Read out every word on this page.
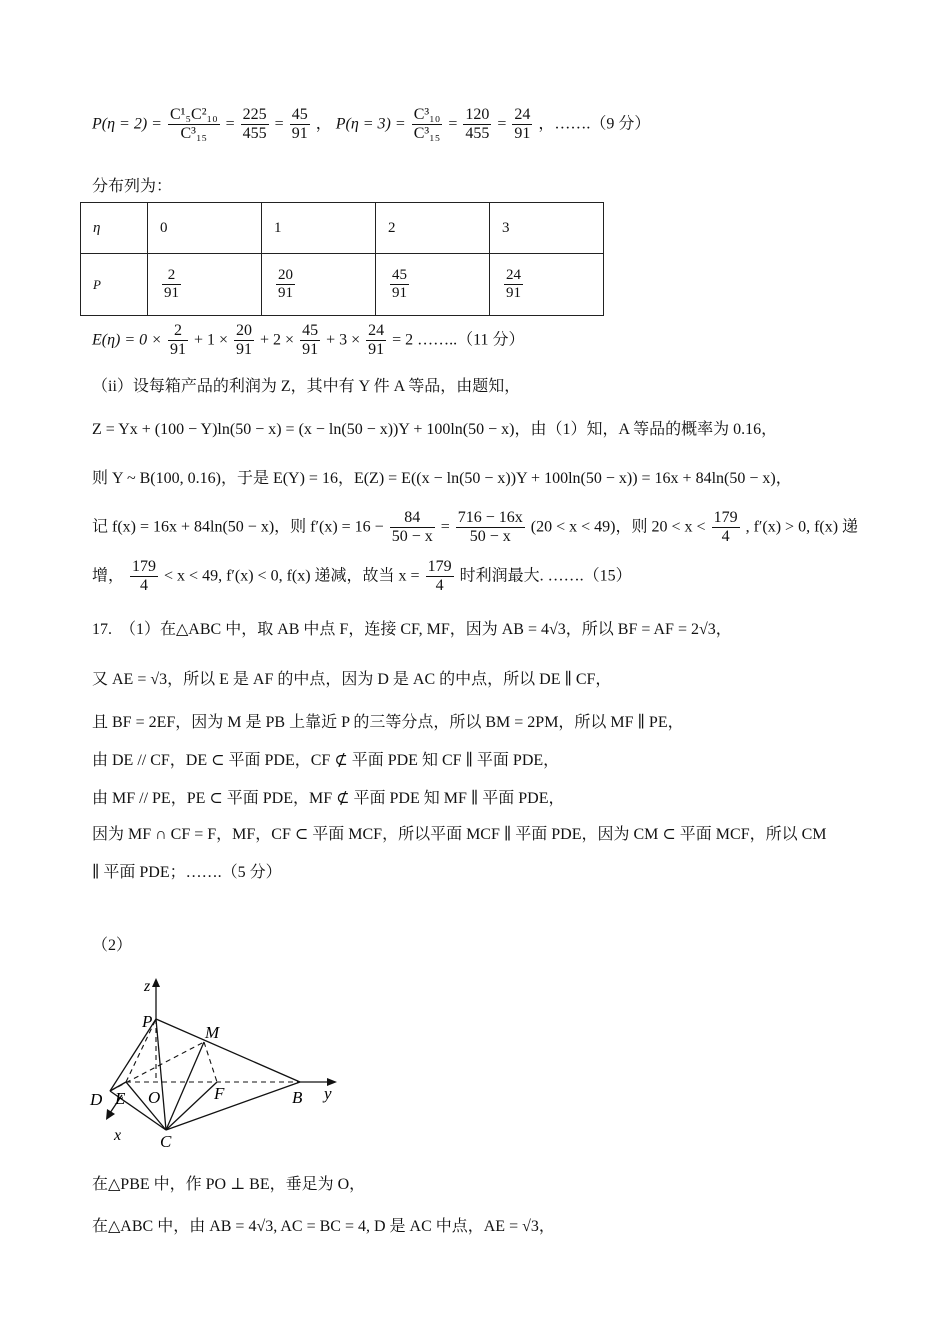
$P(\eta = 2) = \frac{\text{C¹₅C²₁₀}}{\text{C³₁₅}} = \frac{225}{455} = \frac{45}{91}$ ， $P(\eta = 3) = \frac{\text{C³₁₀}}{\text{C³₁₅}} = \frac{120}{455} = \frac{24}{91}$ ，…….（9 分）
分布列为：
η	0	1	2	3
P	$\frac{2}{91}$	$\frac{20}{91}$	$\frac{45}{91}$	$\frac{24}{91}$
$E(\eta) = 0 \times \frac{2}{91} + 1 \times \frac{20}{91} + 2 \times \frac{45}{91} + 3 \times \frac{24}{91} = 2$ ……..（11 分）
（ii）设每箱产品的利润为 Z，其中有 Y 件 A 等品，由题知，
Z = Yx + (100 − Y)ln(50 − x) = (x − ln(50 − x))Y + 100ln(50 − x)，由（1）知，A 等品的概率为 0.16，
则 Y ~ B(100, 0.16)，于是 E(Y) = 16，E(Z) = E((x − ln(50 − x))Y + 100ln(50 − x)) = 16x + 84ln(50 − x)，
记 f(x) = 16x + 84ln(50 − x)，则 $f'(x) = 16 - \frac{84}{50 - x} = \frac{716 - 16x}{50 - x} (20 < x < 49)$，则 $20 < x < \frac{179}{4}$ , f′(x) > 0, f(x) 递
增， $\frac{179}{4} < x < 49$, f′(x) < 0, f(x) 递减，故当 $x = \frac{179}{4}$ 时利润最大. …….（15）
17.　（1）在△ABC 中，取 AB 中点 F，连接 CF, MF，因为 AB = 4√3，所以 BF = AF = 2√3，
又 AE = √3，所以 E 是 AF 的中点，因为 D 是 AC 的中点，所以 DE ∥ CF，
且 BF = 2EF，因为 M 是 PB 上靠近 P 的三等分点，所以 BM = 2PM，所以 MF ∥ PE，
由 DE // CF，DE ⊂ 平面 PDE，CF ⊄ 平面 PDE 知 CF ∥ 平面 PDE，
由 MF // PE，PE ⊂ 平面 PDE，MF ⊄ 平面 PDE 知 MF ∥ 平面 PDE，
因为 MF ∩ CF = F，MF，CF ⊂ 平面 MCF，所以平面 MCF ∥ 平面 PDE，因为 CM ⊂ 平面 MCF，所以 CM
∥ 平面 PDE；…….（5 分）
（2）
z
P
M
D E O	F	B y
x C
在△PBE 中，作 PO ⊥ BE，垂足为 O，
在△ABC 中，由 AB = 4√3, AC = BC = 4, D 是 AC 中点，AE = √3，
